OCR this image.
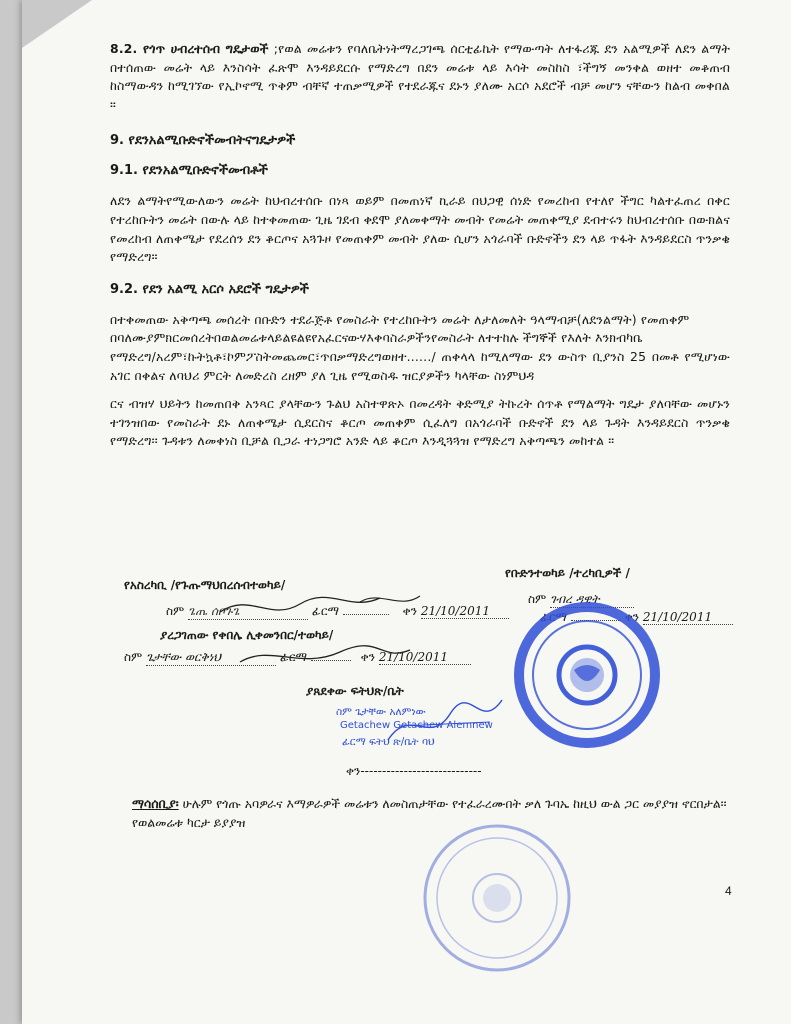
8.2. የጎጥ ሀብረተሰብ ግዴታወች ;የወል መሬቱን የባለቤትነትማረጋገጫ ሰርቲፊኬት የማውጣት ለተፋሪጁ ደን አልሚዎች ለደን ልማት በተሰጠው መሬት ላይ እንስሳት ፈጽሞ እንዳይደርሱ የማድረግ በደን መሬቱ ላይ እሳት መስከስ ፣ችግኝ መንቀል ወዘተ መቆጠብ ከስማውዳን ከሚገኘው የኢኮኖሚ ጥቅም ብቸኛ ተጠቃሚዎች የተደራጁና ደኑን ያለሙ አርሶ አደሮች ብቻ መሆን ናቸውን ከልብ መቀበል ።

9. የደንአልሚቡድኖችመብትናግዴታዎች
9.1. የደንአልሚቡድኖችመብቶች

ለደን ልማትየሚውለውን መሬት ከህብረተሰቡ በነጻ ወይም በመጠነኛ ኪራይ በህጋዊ ሰነድ የመረከብ የተለየ ችግር ካልተፈጠረ በቀር የተረከቡትን መሬት በውሉ ላይ ከተቀመጠው ጊዜ ገደብ ቀደሞ ያለመቀማት መብት የመሬት መጠቀሚያ ደብተሩን ከህብረተሰቡ በውክልና የመረከብ ለጠቀሜታ የደረሰን ደን ቆርጦና አጓጉዞ የመጠቀም መብት ያለው ሲሆን አጎራባች ቡድኖችን ደን ላይ ጥፋት እንዳይደርስ ጥንቃቄ የማድረግ።

9.2. የደን አልሚ አርሶ አደሮች ግዴታዎች

በተቀመጠው አቅጣጫ መሰረት በቡድን ተደራጅቶ የመስራት የተረከቡትን መሬት ለታለመለት ዓላማብቻ(ለደንልማት) የመጠቀም

በባለሙያምክርመሰረትበወልመሬቱላይልዩልዩየአፈርናውሃእቀባስራዎችንየመስራት ለተተከሉ ችግኞች የእለት እንክብካቤ

የማድረግ/አረም፣ኩትኳቶ፣ኮምፖስትመጨመር፣ጥበቃማድረግወዘተ....../ ጠቀላላ ከሚለማው ደን ውስጥ ቢያንስ 25 በመቶ የሚሆነው አገር በቀልና ለባህሪ ምርት ለመድረስ ረዘም ያለ ጊዜ የሚወስዱ ዝርያዎችን ካላቸው ስነምህዳ

ርና ብዝሃ ህይትን ከመጠበቅ አንጻር ያላቸውን ጉልህ አስተዋጽኦ በመረዳት ቅድሚያ ትኩረት ሰጥቶ የማልማት ግዴታ ያለባቸው መሆኑን ተገንዝበው የመስራት ደኑ ለጠቀሜታ ሲደርስና ቆርጦ መጠቀም ሲፈለግ በአጎራባች ቡድኖች ደን ላይ ጉዳት እንዳይደርስ ጥንቃቄ የማድረግ፡፡ ጉዳቱን ለመቀነስ ቢቻል ቢጋራ ተነጋግሮ አንድ ላይ ቆርጦ እንዲጓጓዝ የማድረግ አቅጣጫን መከተል ።

የአስረካቢ /የጉጡማህበረሰብተወካይ/
የቡድንተወካይ /ተረካቢዎች /
ስም ጌጤ ሰቦጉጌ	ፊርማ	ቀን 21/10/2011
ስም ገብረ ዳዊት
ፊርማ	ቀን 21/10/2011
ያረጋገጠው የቀበሌ ሊቀመንበር/ተወካይ/
ስም ጌታቸው ወርቅነህ	ፊርማ	ቀን 21/10/2011
ያጸደቀው ፍትህጽ/ቤት
ስም ጌታቸው አለምነው
Getachew Getachew Alemnew
ፊርማ ፍትህ ጽ/ቤት ባህ
ቀን----------------------------
ማሳሰቢያ፡ ሁሉም የጎጡ አባዎራና እማዎራዎች መሬቱን ለመስጠታቸው የተፈራረሙበት ቃለ ጉባኤ ከዚህ ውል ጋር መያያዝ ኖርበታል፡፡ የወልመሬቱ ካርታ ይያያዝ
4
